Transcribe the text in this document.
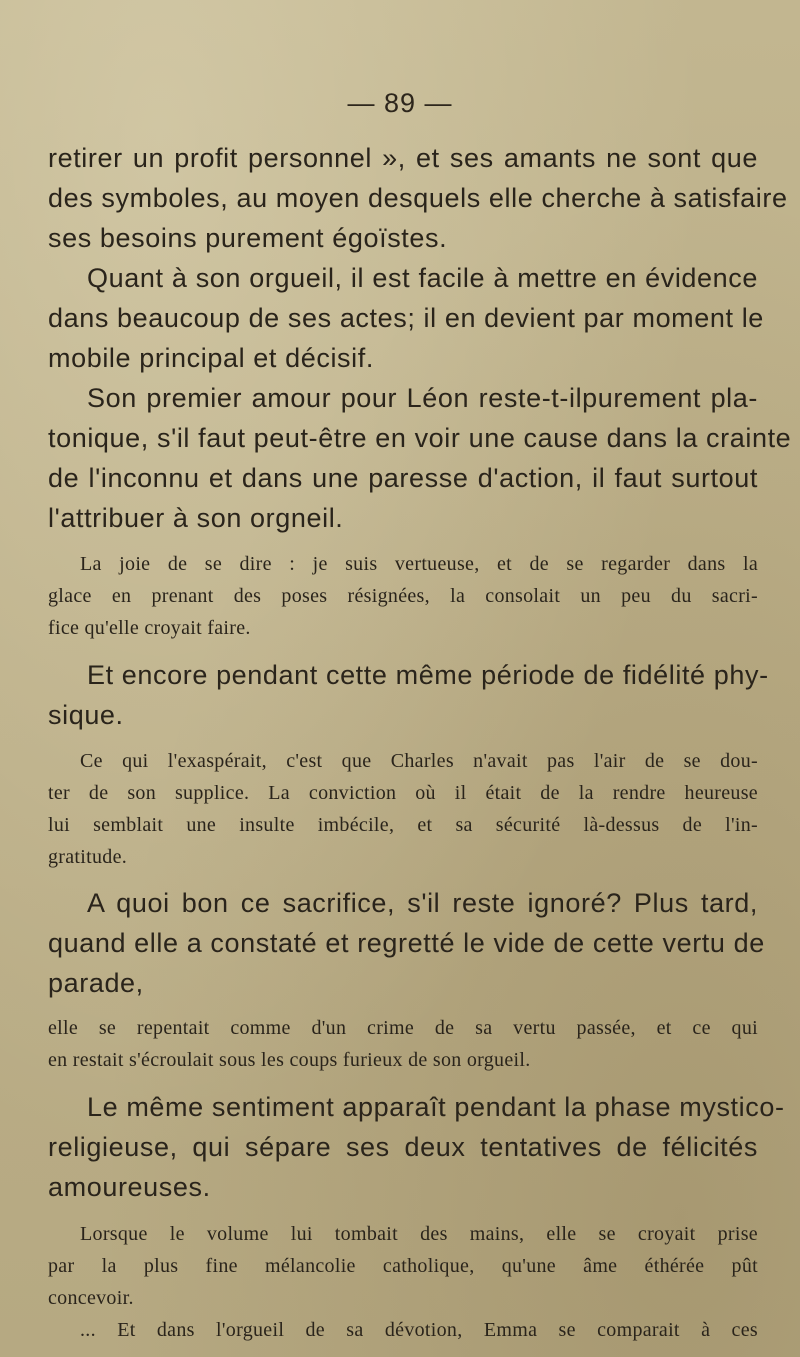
— 89 —
retirer un profit personnel », et ses amants ne sont que
des symboles, au moyen desquels elle cherche à satisfaire
ses besoins purement égoïstes.
Quant à son orgueil, il est facile à mettre en évidence
dans beaucoup de ses actes; il en devient par moment le
mobile principal et décisif.
Son premier amour pour Léon reste-t-ilpurement pla-
tonique, s'il faut peut-être en voir une cause dans la crainte
de l'inconnu et dans une paresse d'action, il faut surtout
l'attribuer à son orgneil.
La joie de se dire : je suis vertueuse, et de se regarder dans la
glace en prenant des poses résignées, la consolait un peu du sacri-
fice qu'elle croyait faire.
Et encore pendant cette même période de fidélité phy-
sique.
Ce qui l'exaspérait, c'est que Charles n'avait pas l'air de se dou-
ter de son supplice. La conviction où il était de la rendre heureuse
lui semblait une insulte imbécile, et sa sécurité là-dessus de l'in-
gratitude.
A quoi bon ce sacrifice, s'il reste ignoré? Plus tard,
quand elle a constaté et regretté le vide de cette vertu de
parade,
elle se repentait comme d'un crime de sa vertu passée, et ce qui
en restait s'écroulait sous les coups furieux de son orgueil.
Le même sentiment apparaît pendant la phase mystico-
religieuse, qui sépare ses deux tentatives de félicités
amoureuses.
Lorsque le volume lui tombait des mains, elle se croyait prise
par la plus fine mélancolie catholique, qu'une âme éthérée pût
concevoir.
... Et dans l'orgueil de sa dévotion, Emma se comparait à ces
